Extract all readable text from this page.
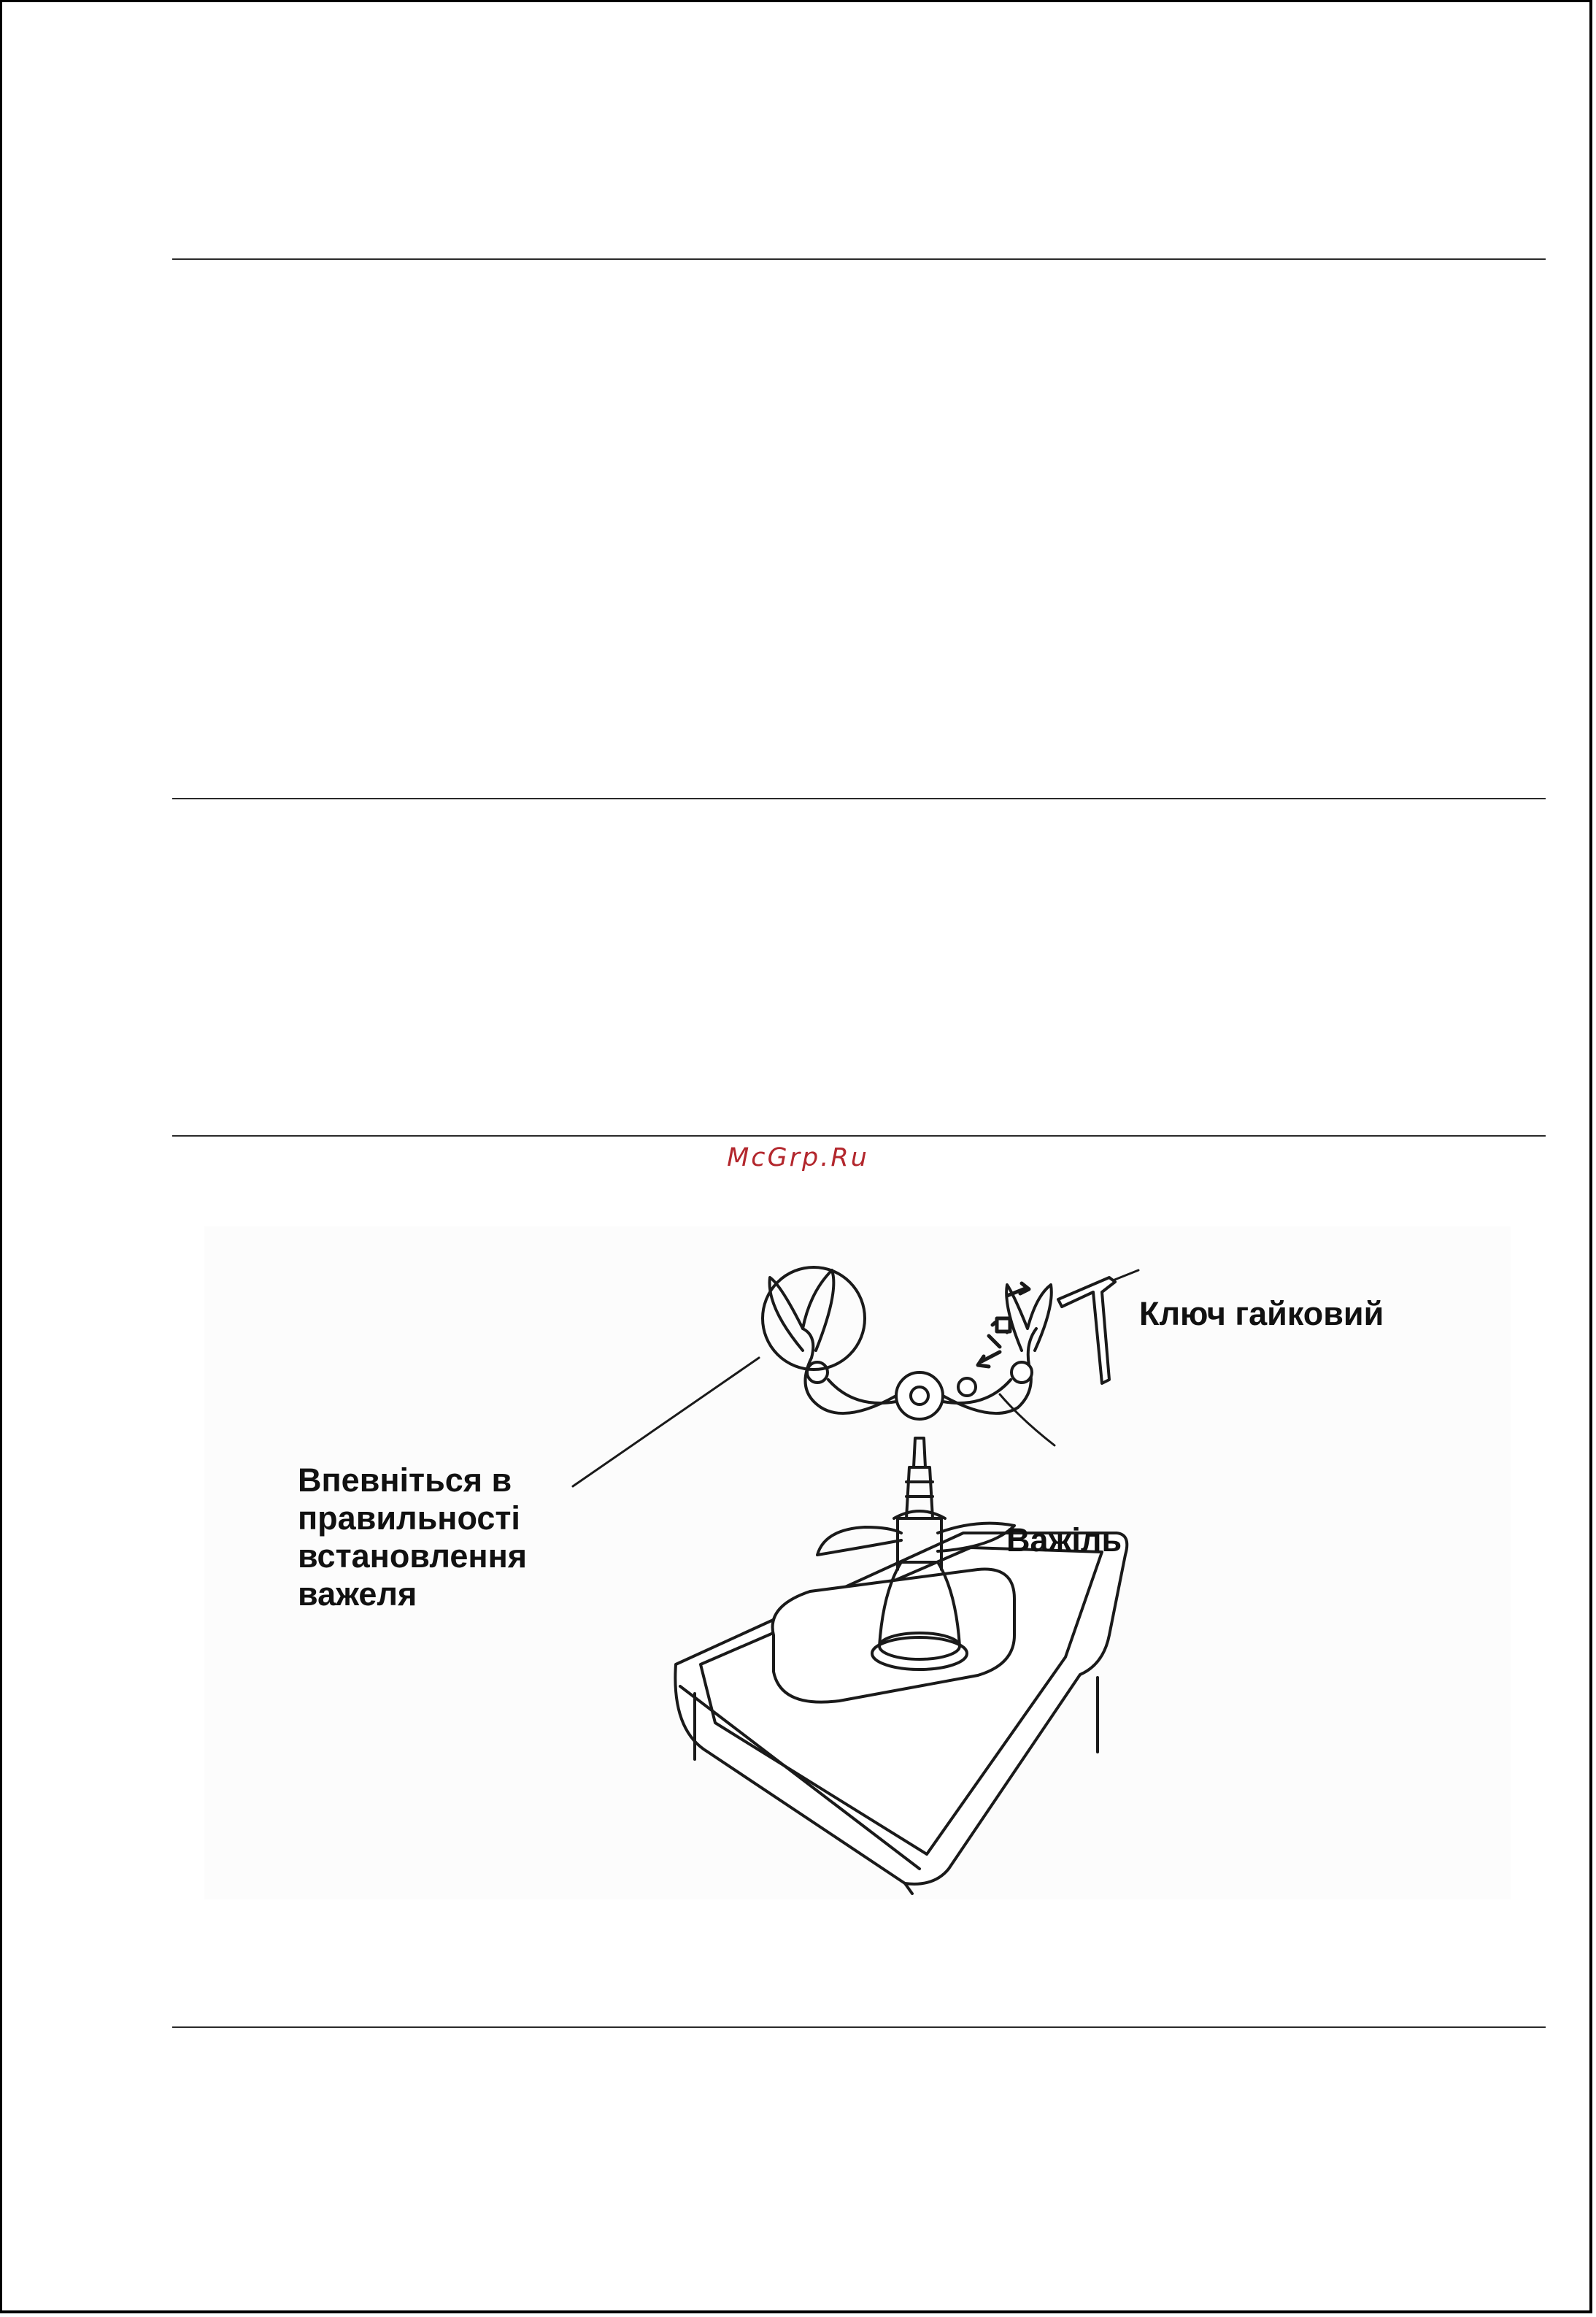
McGrp.Ru
Ключ гайковий
Важіль
Впевніться в
правильності
встановлення
важеля
